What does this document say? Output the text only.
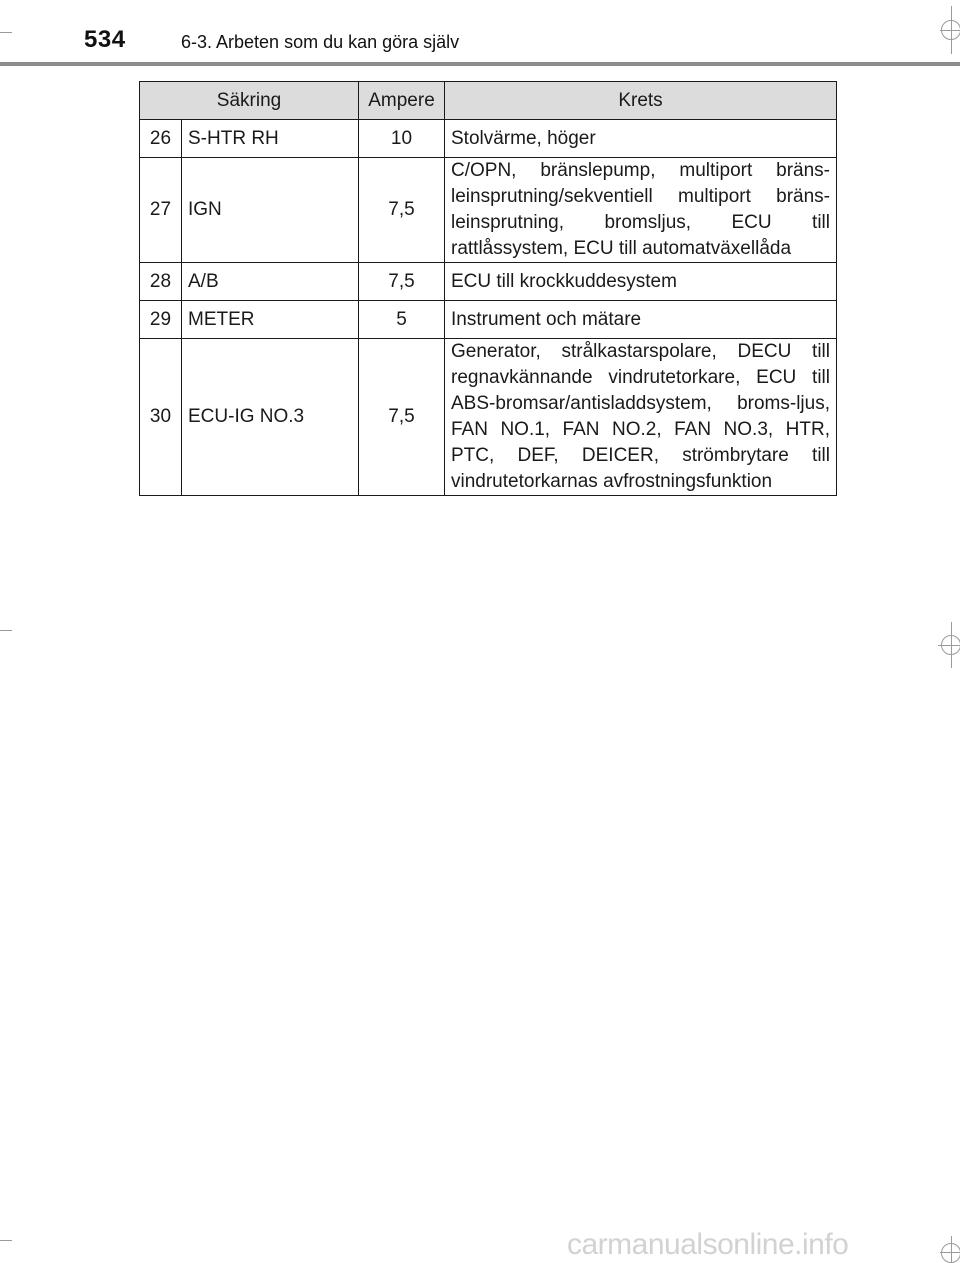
534	6-3. Arbeten som du kan göra själv
Säkring		Ampere	Krets
26	S-HTR RH	10	Stolvärme, höger
27	IGN	7,5	C/OPN, bränslepump, multiport bräns-leinsprutning/sekventiell multiport bräns-leinsprutning, bromsljus, ECU till rattlåssystem, ECU till automatväxellåda
28	A/B	7,5	ECU till krockkuddesystem
29	METER	5	Instrument och mätare
30	ECU-IG NO.3	7,5	Generator, strålkastarspolare, DECU till regnavkännande vindrutetorkare, ECU till ABS-bromsar/antisladdsystem, broms-ljus, FAN NO.1, FAN NO.2, FAN NO.3, HTR, PTC, DEF, DEICER, strömbrytare till vindrutetorkarnas avfrostningsfunktion
carmanualsonline.info
